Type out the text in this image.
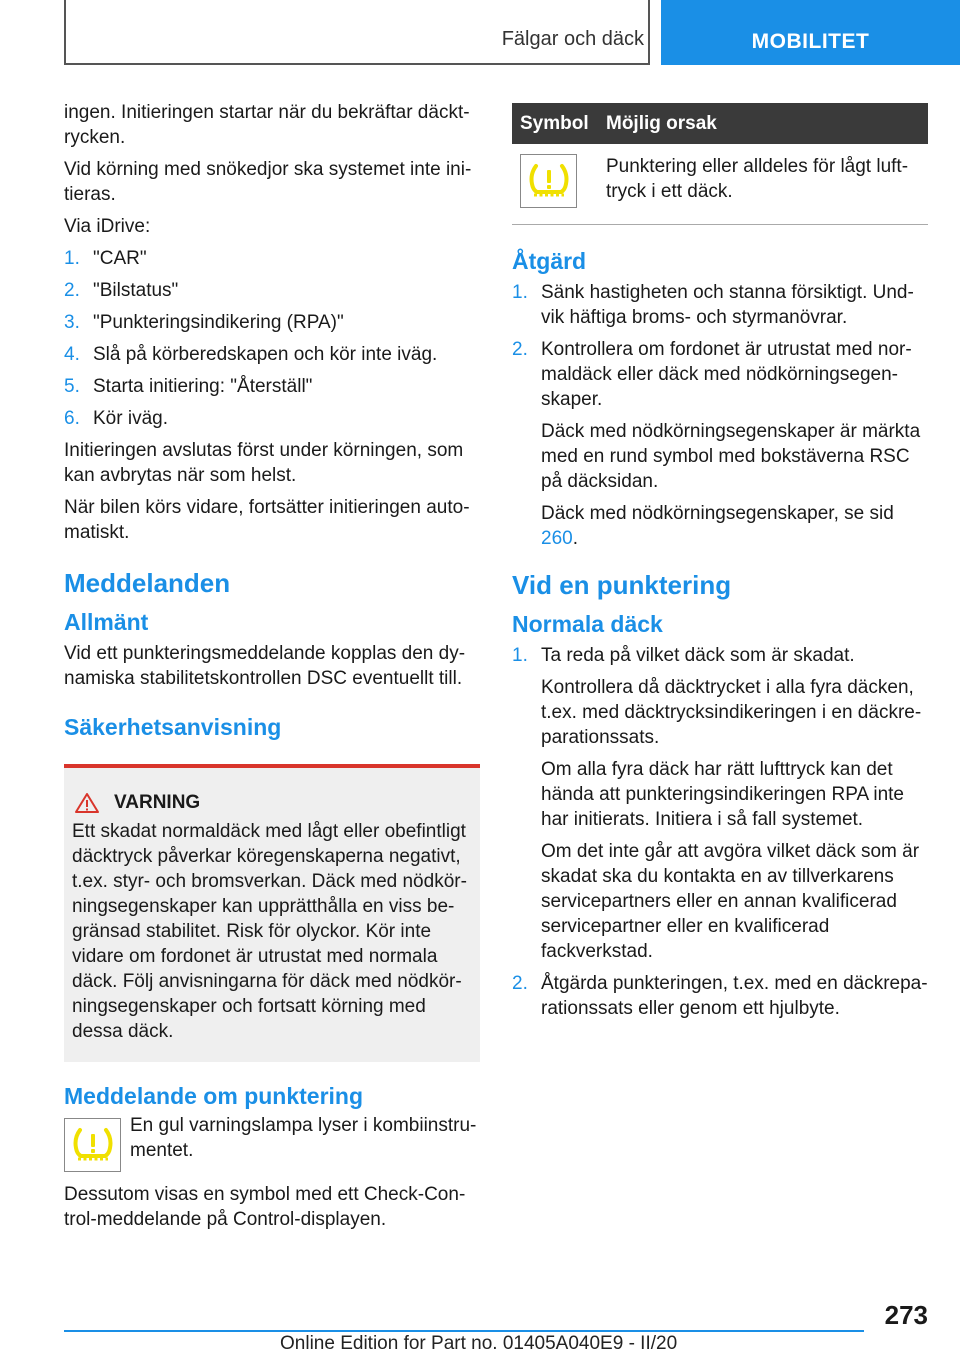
Fälgar och däck	MOBILITET

ingen. Initieringen startar när du bekräftar däcktrycken.

Vid körning med snökedjor ska systemet inte initieras.

Via iDrive:

1. "CAR"
2. "Bilstatus"
3. "Punkteringsindikering (RPA)"
4. Slå på körberedskapen och kör inte iväg.
5. Starta initiering: "Återställ"
6. Kör iväg.

Initieringen avslutas först under körningen, som kan avbrytas när som helst.

När bilen körs vidare, fortsätter initieringen automatiskt.

Meddelanden
Allmänt

Vid ett punkteringsmeddelande kopplas den dynamiska stabilitetskontrollen DSC eventuellt till.

Säkerhetsanvisning
VARNING
Ett skadat normaldäck med lågt eller obefintligt däcktryck påverkar köregenskaperna negativt, t.ex. styr- och bromsverkan. Däck med nödkörningsegenskaper kan upprätthålla en viss begränsad stabilitet. Risk för olyckor. Kör inte vidare om fordonet är utrustat med normala däck. Följ anvisningarna för däck med nödkörningsegenskaper och fortsatt körning med dessa däck.
Meddelande om punktering
En gul varningslampa lyser i kombiinstrumentet.

Dessutom visas en symbol med ett Check-Control-meddelande på Control-displayen.

Symbol	Möjlig orsak

	Punktering eller alldeles för lågt lufttryck i ett däck.
Åtgärd
1. Sänk hastigheten och stanna försiktigt. Undvik häftiga broms- och styrmanövrar.

2. Kontrollera om fordonet är utrustat med normaldäck eller däck med nödkörningsegenskaper.

Däck med nödkörningsegenskaper är märkta med en rund symbol med bokstäverna RSC på däcksidan.

Däck med nödkörningsegenskaper, se sid 260.

Vid en punktering
Normala däck
1. Ta reda på vilket däck som är skadat.

Kontrollera då däcktrycket i alla fyra däcken, t.ex. med däcktrycksindikeringen i en däckreparationssats.

Om alla fyra däck har rätt lufttryck kan det hända att punkteringsindikeringen RPA inte har initierats. Initiera i så fall systemet.

Om det inte går att avgöra vilket däck som är skadat ska du kontakta en av tillverkarens servicepartners eller en annan kvalificerad servicepartner eller en kvalificerad fackverkstad.

2. Åtgärda punkteringen, t.ex. med en däckreparationssats eller genom ett hjulbyte.

273
Online Edition for Part no. 01405A040E9 - II/20
